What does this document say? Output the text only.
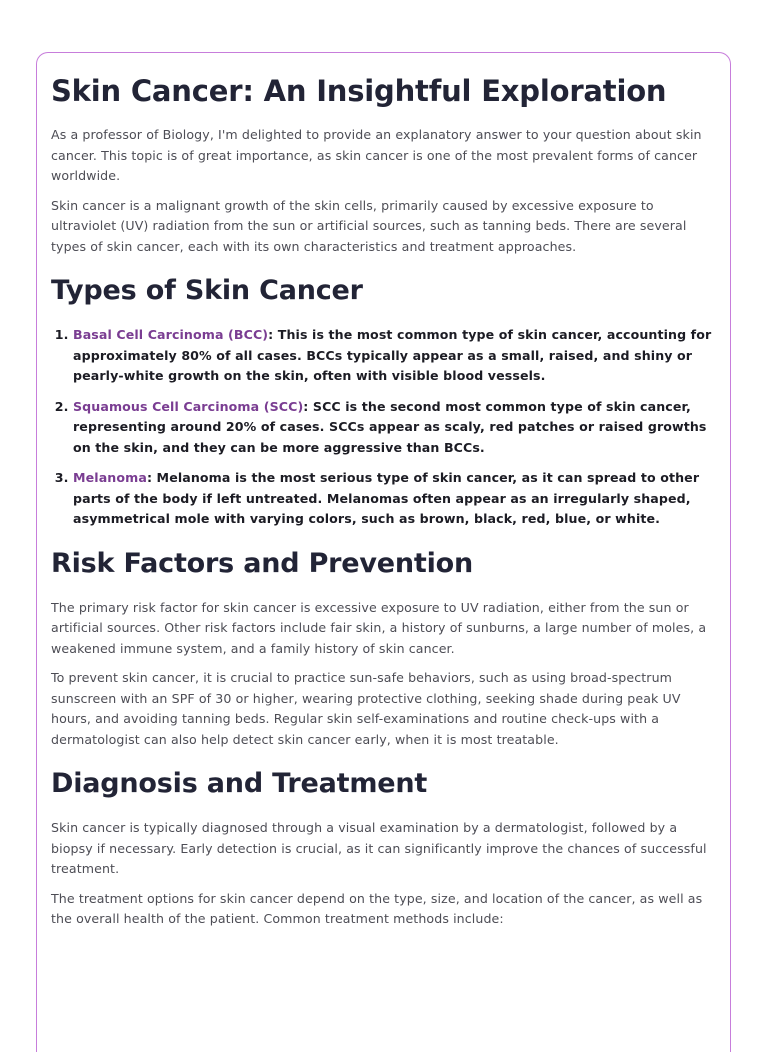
Skin Cancer: An Insightful Exploration

As a professor of Biology, I'm delighted to provide an explanatory answer to your question about skin cancer. This topic is of great importance, as skin cancer is one of the most prevalent forms of cancer worldwide.

Skin cancer is a malignant growth of the skin cells, primarily caused by excessive exposure to ultraviolet (UV) radiation from the sun or artificial sources, such as tanning beds. There are several types of skin cancer, each with its own characteristics and treatment approaches.

Types of Skin Cancer
1. Basal Cell Carcinoma (BCC): This is the most common type of skin cancer, accounting for approximately 80% of all cases. BCCs typically appear as a small, raised, and shiny or pearly-white growth on the skin, often with visible blood vessels.
2. Squamous Cell Carcinoma (SCC): SCC is the second most common type of skin cancer, representing around 20% of cases. SCCs appear as scaly, red patches or raised growths on the skin, and they can be more aggressive than BCCs.
3. Melanoma: Melanoma is the most serious type of skin cancer, as it can spread to other parts of the body if left untreated. Melanomas often appear as an irregularly shaped, asymmetrical mole with varying colors, such as brown, black, red, blue, or white.
Risk Factors and Prevention

The primary risk factor for skin cancer is excessive exposure to UV radiation, either from the sun or artificial sources. Other risk factors include fair skin, a history of sunburns, a large number of moles, a weakened immune system, and a family history of skin cancer.

To prevent skin cancer, it is crucial to practice sun-safe behaviors, such as using broad-spectrum sunscreen with an SPF of 30 or higher, wearing protective clothing, seeking shade during peak UV hours, and avoiding tanning beds. Regular skin self-examinations and routine check-ups with a dermatologist can also help detect skin cancer early, when it is most treatable.

Diagnosis and Treatment

Skin cancer is typically diagnosed through a visual examination by a dermatologist, followed by a biopsy if necessary. Early detection is crucial, as it can significantly improve the chances of successful treatment.

The treatment options for skin cancer depend on the type, size, and location of the cancer, as well as the overall health of the patient. Common treatment methods include:
